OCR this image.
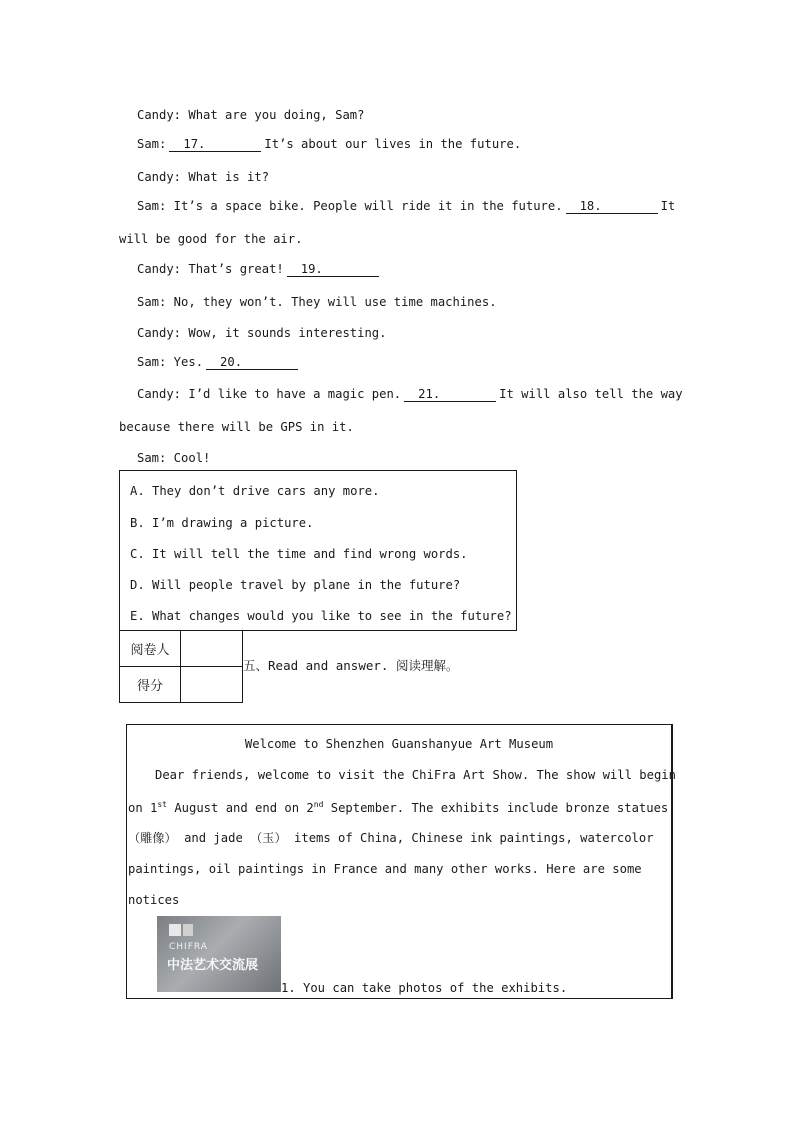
Candy: What are you doing, Sam?
Sam: 17.	It’s about our lives in the future.
Candy: What is it?
Sam: It’s a space bike. People will ride it in the future. 18.	It
will be good for the air.
Candy: That’s great! 19.
Sam: No, they won’t. They will use time machines.
Candy: Wow, it sounds interesting.
Sam: Yes. 20.
Candy: I’d like to have a magic pen. 21.	It will also tell the way
because there will be GPS in it.
Sam: Cool!
A. They don’t drive cars any more.
B. I’m drawing a picture.
C. It will tell the time and find wrong words.
D. Will people travel by plane in the future?
E. What changes would you like to see in the future?
阅卷人	
得分	
五、Read and answer. 阅读理解。
Welcome to Shenzhen Guanshanyue Art Museum
Dear friends, welcome to visit the ChiFra Art Show. The show will begin
on 1st August and end on 2nd September. The exhibits include bronze statues
（雕像） and jade （玉） items of China, Chinese ink paintings, watercolor
paintings, oil paintings in France and many other works. Here are some
notices
CHIFRA
中法艺术交流展
1. You can take photos of the exhibits.
